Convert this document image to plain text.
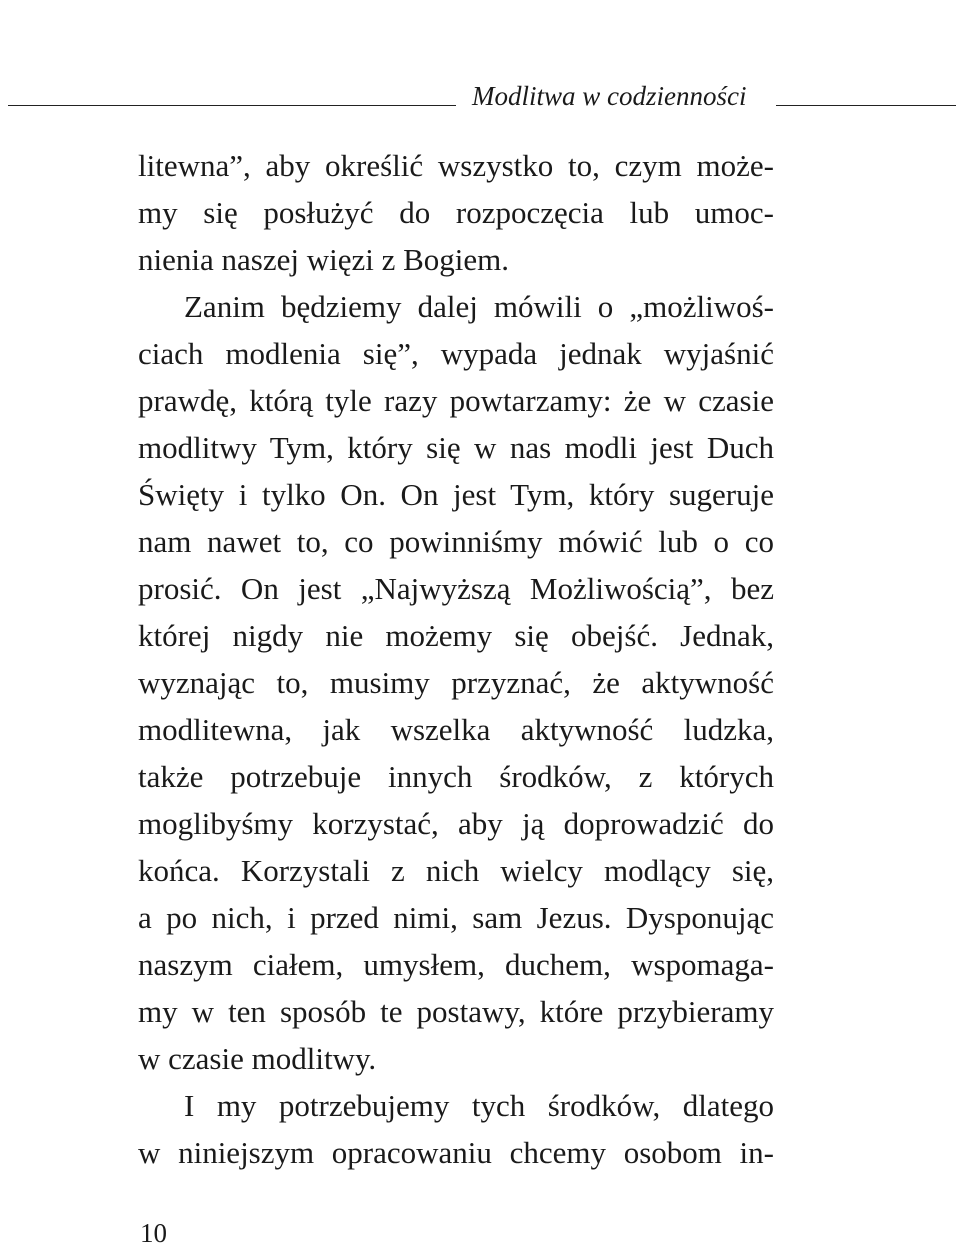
Modlitwa w codzienności
litewna”, aby określić wszystko to, czym może-
my się posłużyć do rozpoczęcia lub umoc-
nienia naszej więzi z Bogiem.
Zanim będziemy dalej mówili o „możliwoś-
ciach modlenia się”, wypada jednak wyjaśnić
prawdę, którą tyle razy powtarzamy: że w czasie
modlitwy Tym, który się w nas modli jest Duch
Święty i tylko On. On jest Tym, który sugeruje
nam nawet to, co powinniśmy mówić lub o co
prosić. On jest „Najwyższą Możliwością”, bez
której nigdy nie możemy się obejść. Jednak,
wyznając to, musimy przyznać, że aktywność
modlitewna, jak wszelka aktywność ludzka,
także potrzebuje innych środków, z których
moglibyśmy korzystać, aby ją doprowadzić do
końca. Korzystali z nich wielcy modlący się,
a po nich, i przed nimi, sam Jezus. Dysponując
naszym ciałem, umysłem, duchem, wspomaga-
my w ten sposób te postawy, które przybieramy
w czasie modlitwy.
I my potrzebujemy tych środków, dlatego
w niniejszym opracowaniu chcemy osobom in-
10
